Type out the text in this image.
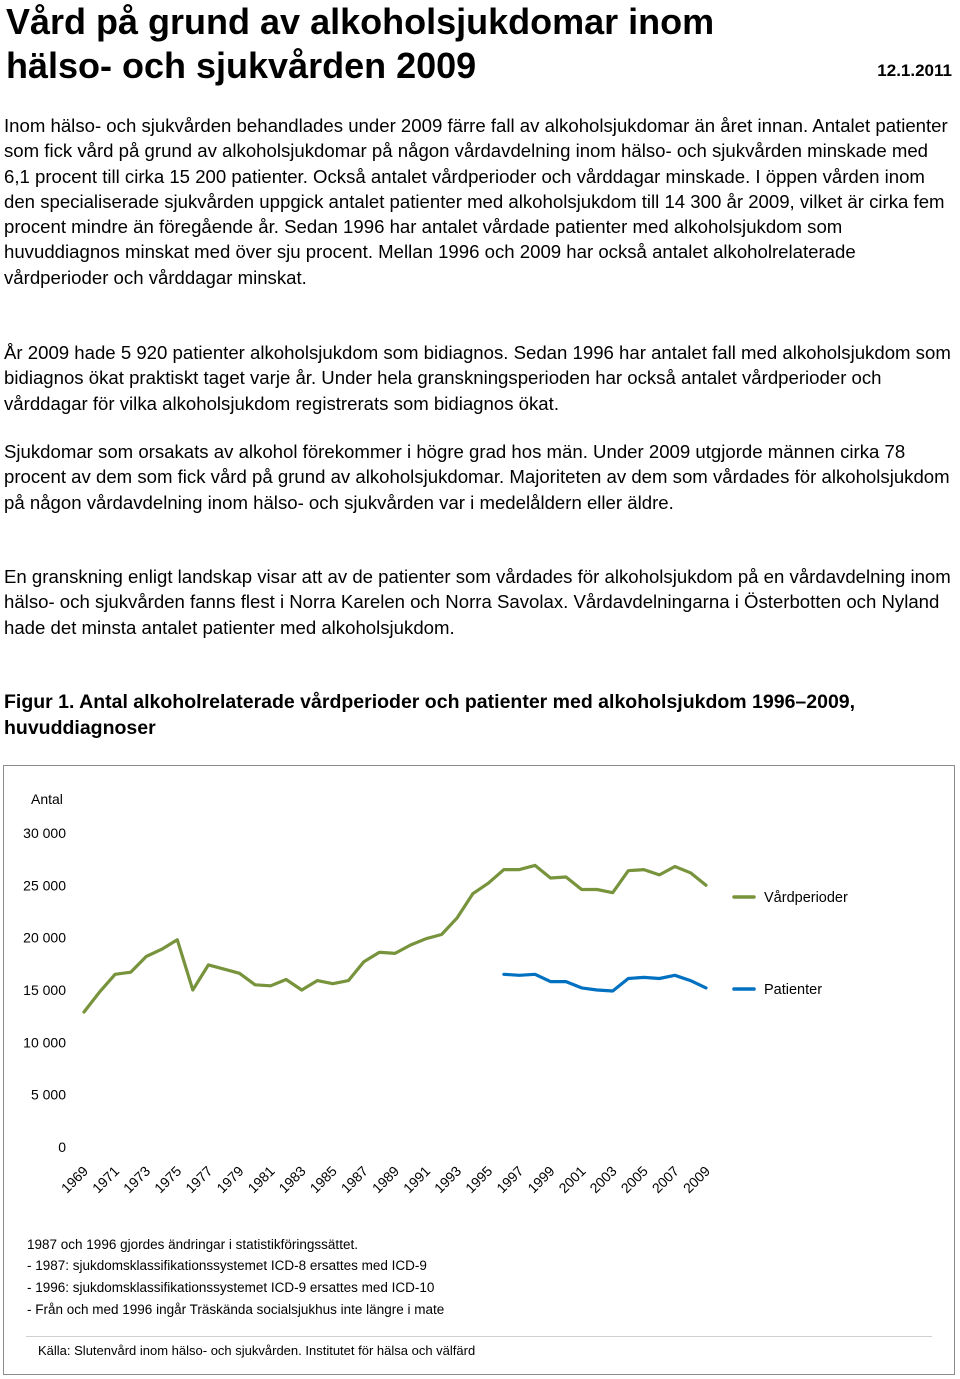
Vård på grund av alkoholsjukdomar inom
hälso- och sjukvården 2009	12.1.2011

Inom hälso- och sjukvården behandlades under 2009 färre fall av alkoholsjukdomar än året innan. Antalet patienter som fick vård på grund av alkoholsjukdomar på någon vårdavdelning inom hälso- och sjukvården minskade med 6,1 procent till cirka 15 200 patienter. Också antalet vårdperioder och vårddagar minskade. I öppen vården inom den specialiserade sjukvården uppgick antalet patienter med alkoholsjukdom till 14 300 år 2009, vilket är cirka fem procent mindre än föregående år. Sedan 1996 har antalet vårdade patienter med alkoholsjukdom som huvuddiagnos minskat med över sju procent. Mellan 1996 och 2009 har också antalet alkoholrelaterade vårdperioder och vårddagar minskat.

År 2009 hade 5 920 patienter alkoholsjukdom som bidiagnos. Sedan 1996 har antalet fall med alkoholsjukdom som bidiagnos ökat praktiskt taget varje år. Under hela granskningsperioden har också antalet vårdperioder och vårddagar för vilka alkoholsjukdom registrerats som bidiagnos ökat.

Sjukdomar som orsakats av alkohol förekommer i högre grad hos män. Under 2009 utgjorde männen cirka 78 procent av dem som fick vård på grund av alkoholsjukdomar. Majoriteten av dem som vårdades för alkoholsjukdom på någon vårdavdelning inom hälso- och sjukvården var i medelåldern eller äldre.

En granskning enligt landskap visar att av de patienter som vårdades för alkoholsjukdom på en vårdavdelning inom hälso- och sjukvården fanns flest i Norra Karelen och Norra Savolax. Vårdavdelningarna i Österbotten och Nyland hade det minsta antalet patienter med alkoholsjukdom.

Figur 1. Antal alkoholrelaterade vårdperioder och patienter med alkoholsjukdom 1996–2009, huvuddiagnoser

Antal
0
5 000
10 000
15 000
20 000
25 000
30 000
1969
1971
1973
1975
1977
1979
1981
1983
1985
1987
1989
1991
1993
1995
1997
1999
2001
2003
2005
2007
2009
Vårdperioder
Patienter
1987 och 1996 gjordes ändringar i statistikföringssättet.
- 1987: sjukdomsklassifikationssystemet ICD-8 ersattes med ICD-9
- 1996: sjukdomsklassifikationssystemet ICD-9 ersattes med ICD-10
- Från och med 1996 ingår Träskända socialsjukhus inte längre i mate
Källa: Slutenvård inom hälso- och sjukvården. Institutet för hälsa och välfärd
